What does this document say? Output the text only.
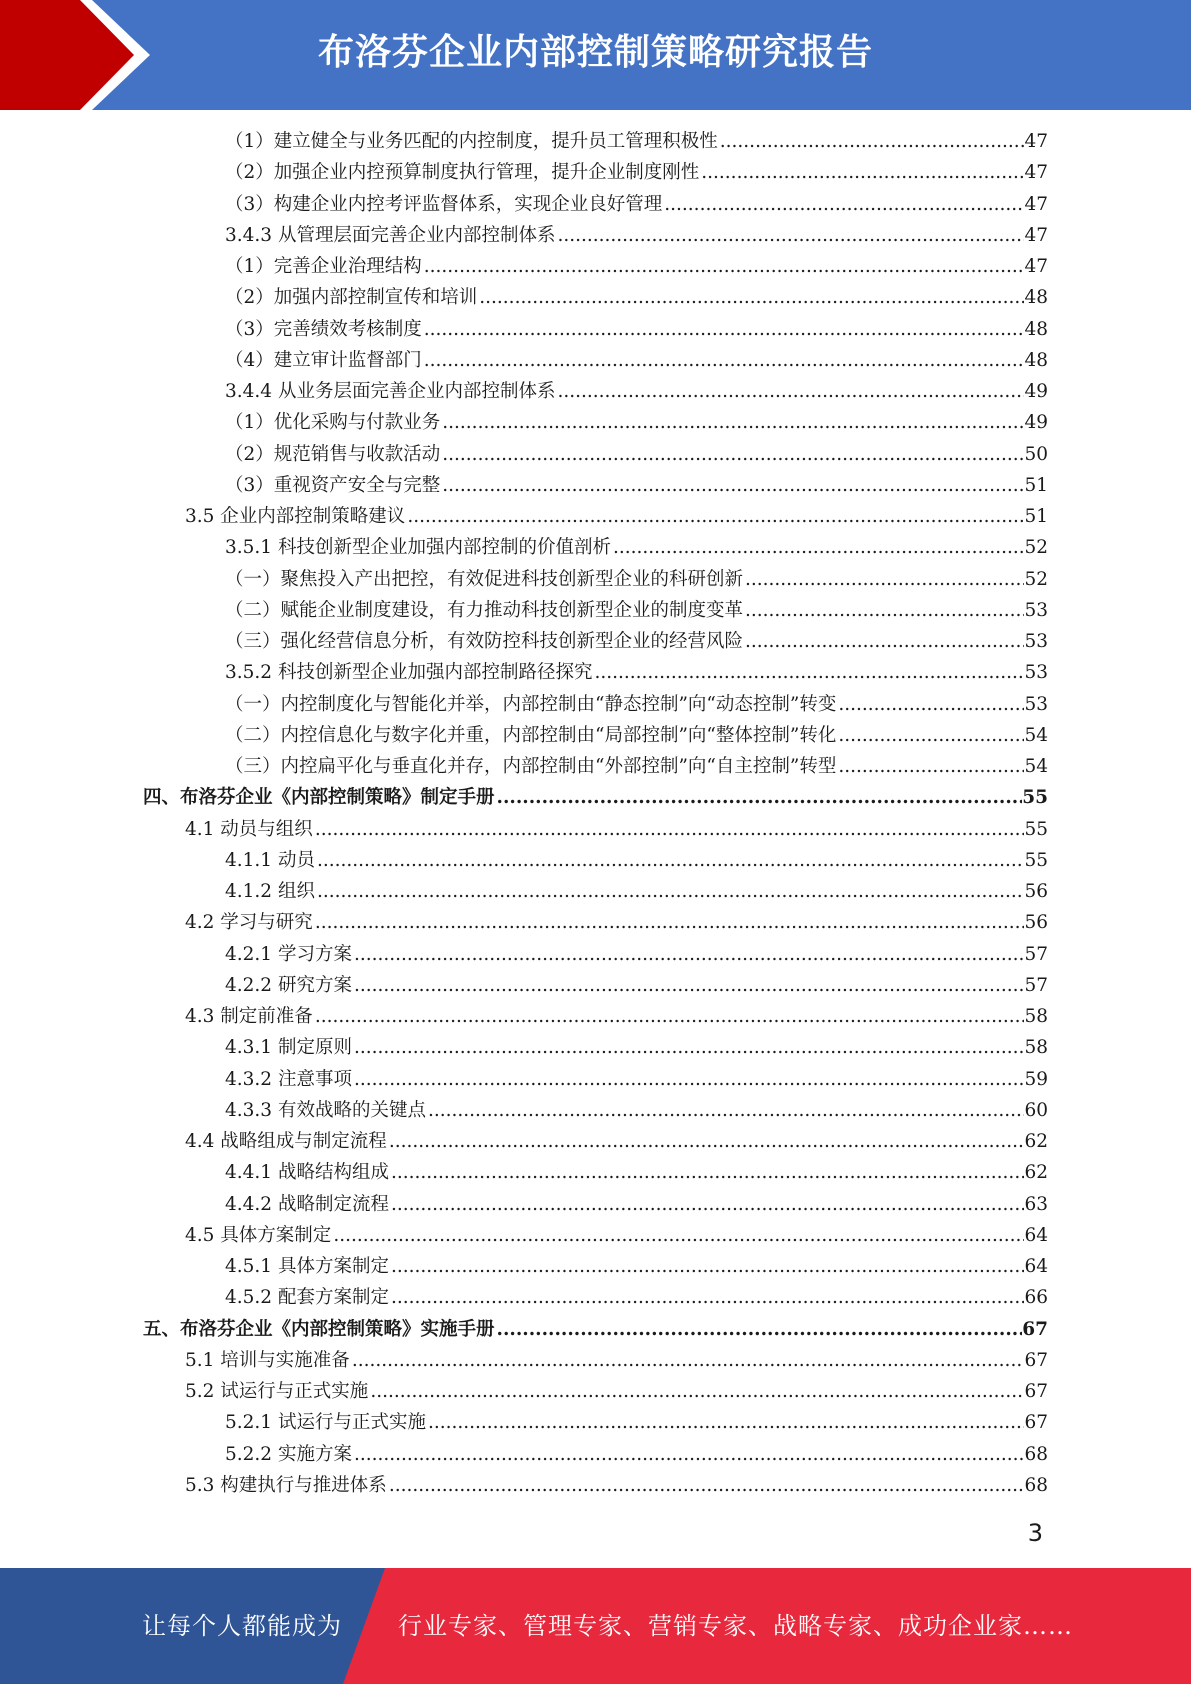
布洛芬企业内部控制策略研究报告
（1）建立健全与业务匹配的内控制度，提升员工管理积极性 .....	47
（2）加强企业内控预算制度执行管理，提升企业制度刚性 .....	47
（3）构建企业内控考评监督体系，实现企业良好管理 .....	47
3.4.3 从管理层面完善企业内部控制体系 .....	47
（1）完善企业治理结构 .....	47
（2）加强内部控制宣传和培训 .....	48
（3）完善绩效考核制度 .....	48
（4）建立审计监督部门 .....	48
3.4.4 从业务层面完善企业内部控制体系 .....	49
（1）优化采购与付款业务 .....	49
（2）规范销售与收款活动 .....	50
（3）重视资产安全与完整 .....	51
3.5 企业内部控制策略建议 .....	51
3.5.1 科技创新型企业加强内部控制的价值剖析 .....	52
（一）聚焦投入产出把控，有效促进科技创新型企业的科研创新 .....	52
（二）赋能企业制度建设，有力推动科技创新型企业的制度变革 .....	53
（三）强化经营信息分析，有效防控科技创新型企业的经营风险 .....	53
3.5.2 科技创新型企业加强内部控制路径探究 .....	53
（一）内控制度化与智能化并举，内部控制由“静态控制”向“动态控制”转变 .....	53
（二）内控信息化与数字化并重，内部控制由“局部控制”向“整体控制”转化 .....	54
（三）内控扁平化与垂直化并存，内部控制由“外部控制”向“自主控制”转型 .....	54
四、布洛芬企业《内部控制策略》制定手册 .....	55
4.1 动员与组织 .....	55
4.1.1 动员 .....	55
4.1.2 组织 .....	56
4.2 学习与研究 .....	56
4.2.1 学习方案 .....	57
4.2.2 研究方案 .....	57
4.3 制定前准备 .....	58
4.3.1 制定原则 .....	58
4.3.2 注意事项 .....	59
4.3.3 有效战略的关键点 .....	60
4.4 战略组成与制定流程 .....	62
4.4.1 战略结构组成 .....	62
4.4.2 战略制定流程 .....	63
4.5 具体方案制定 .....	64
4.5.1 具体方案制定 .....	64
4.5.2 配套方案制定 .....	66
五、布洛芬企业《内部控制策略》实施手册 .....	67
5.1 培训与实施准备 .....	67
5.2 试运行与正式实施 .....	67
5.2.1 试运行与正式实施 .....	67
5.2.2 实施方案 .....	68
5.3 构建执行与推进体系 .....	68
3
让每个人都能成为 行业专家、管理专家、营销专家、战略专家、成功企业家……
